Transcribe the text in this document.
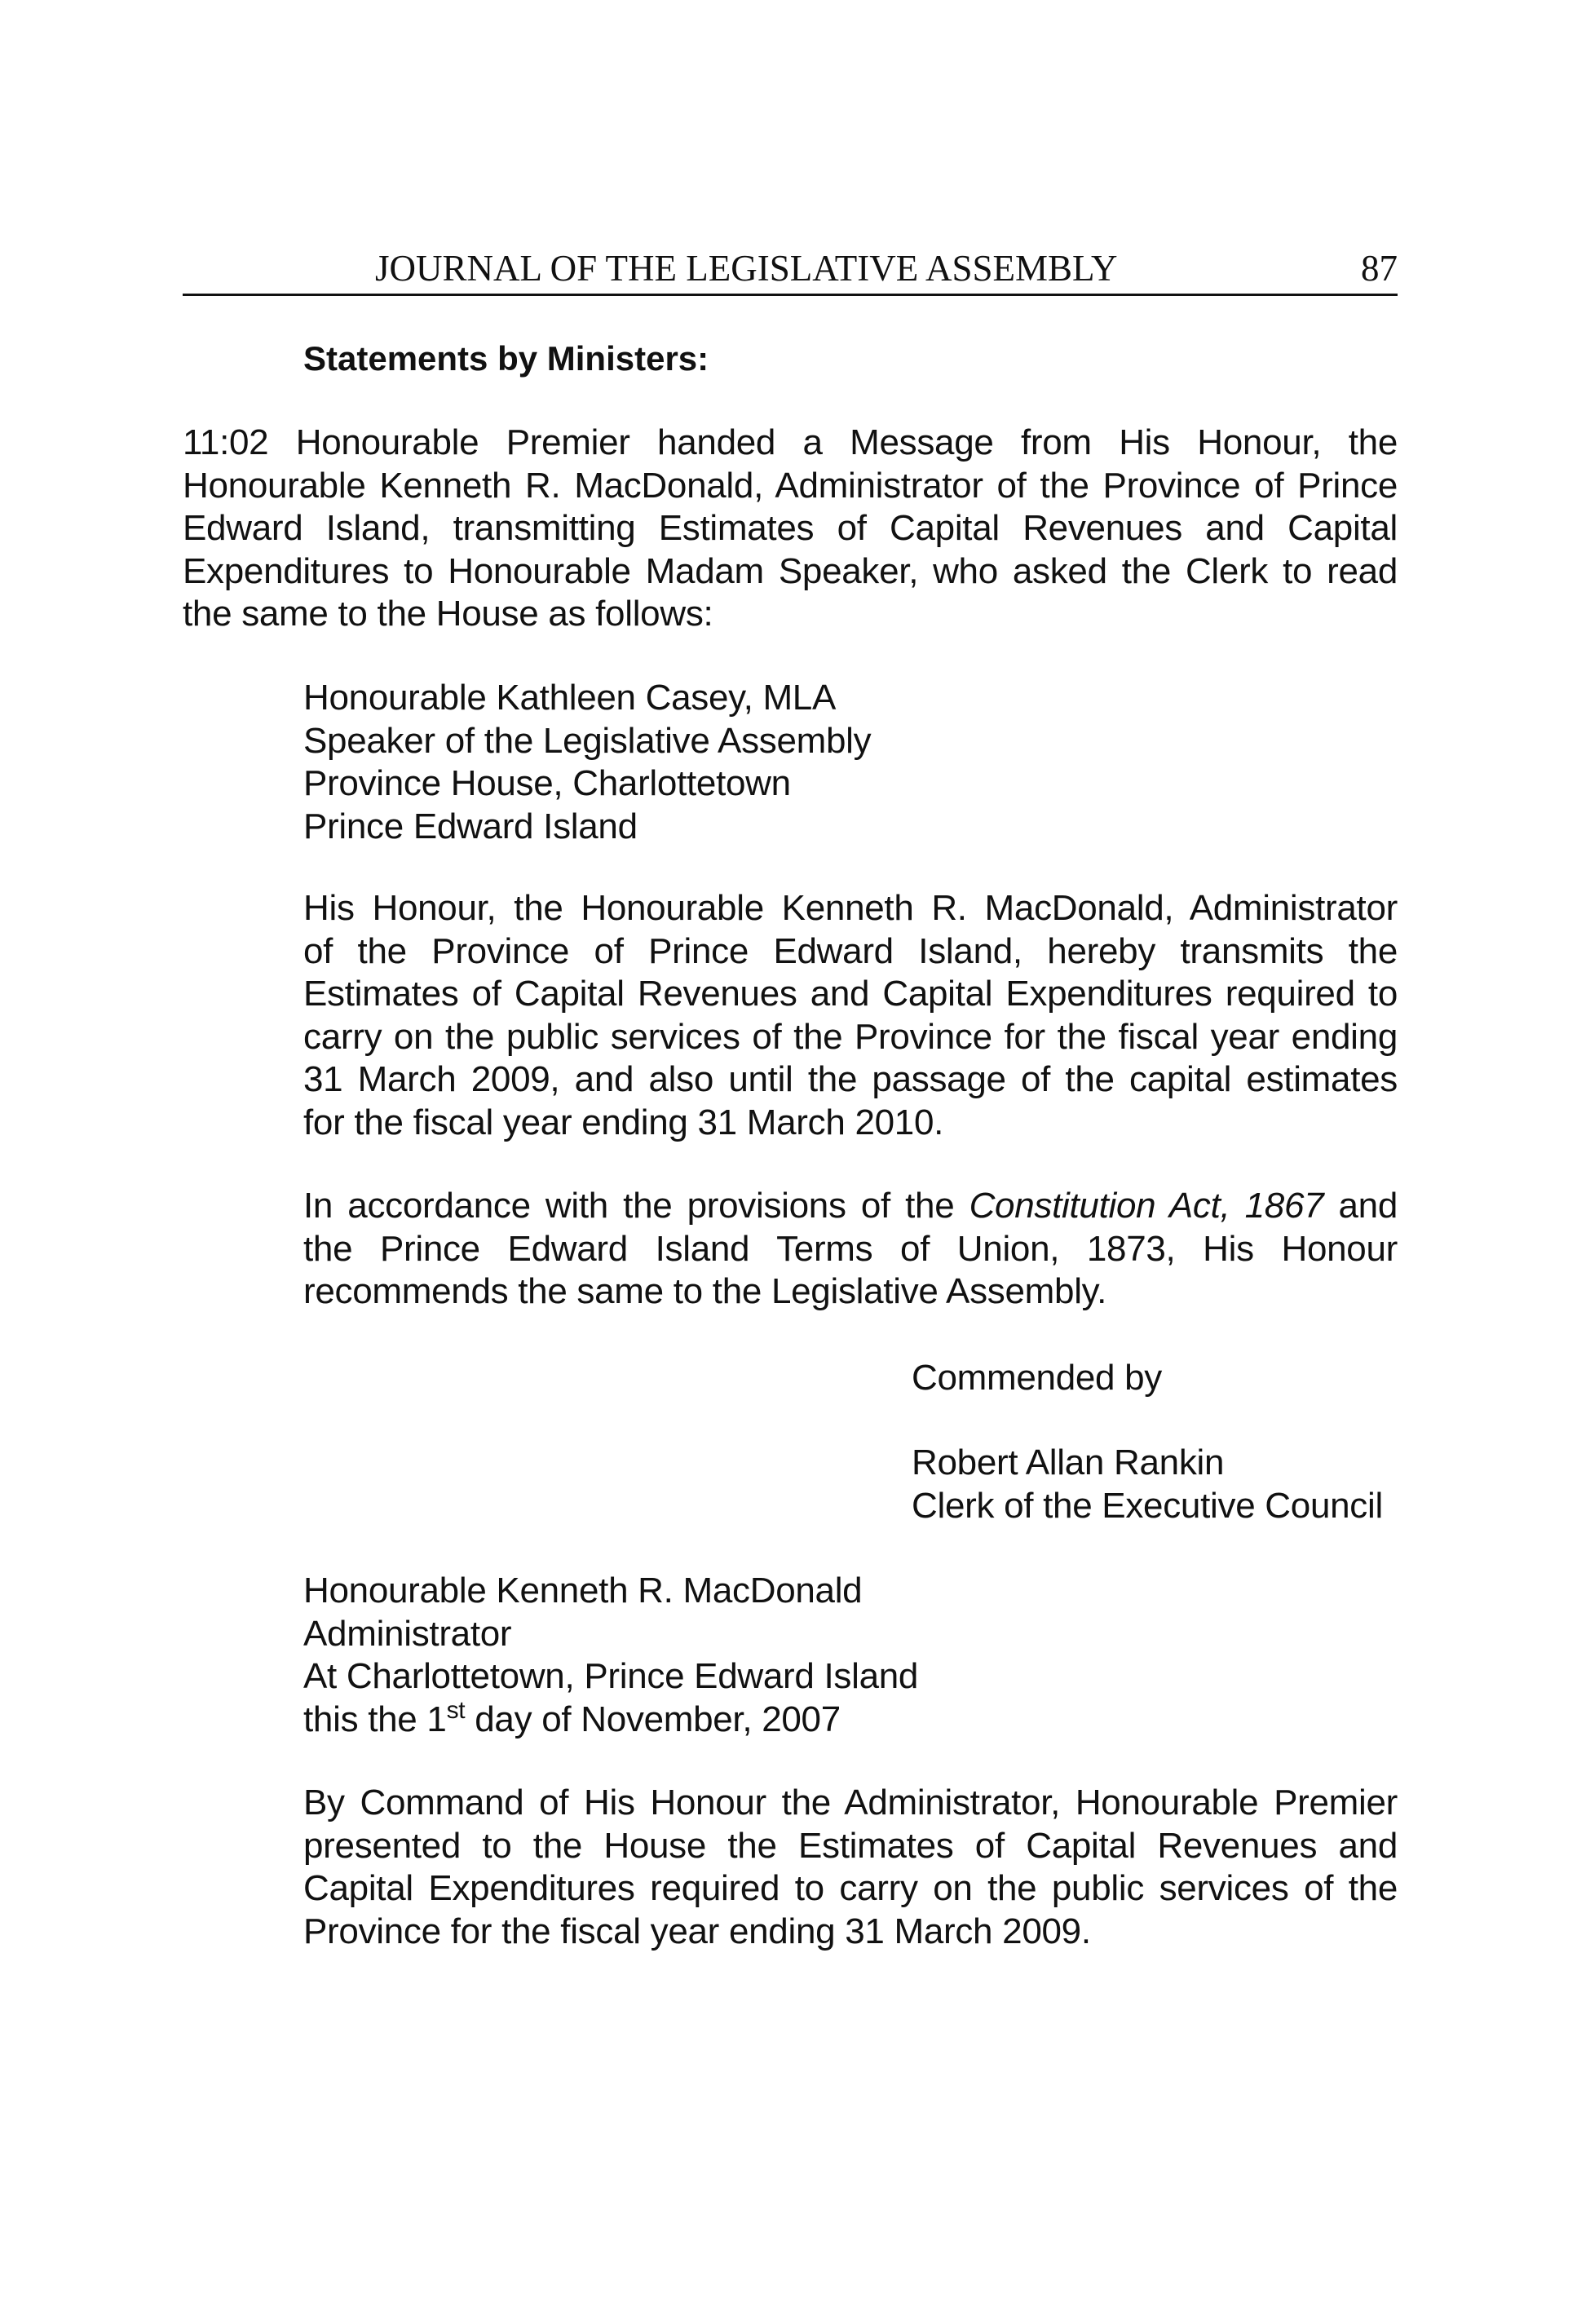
JOURNAL OF THE LEGISLATIVE ASSEMBLY	87
Statements by Ministers:
11:02 Honourable Premier handed a Message from His Honour, the
Honourable Kenneth R. MacDonald, Administrator of the Province of Prince
Edward Island, transmitting Estimates of Capital Revenues and Capital
Expenditures to Honourable Madam Speaker, who asked the Clerk to read
the same to the House as follows:
Honourable Kathleen Casey, MLA
Speaker of the Legislative Assembly
Province House, Charlottetown
Prince Edward Island
His Honour, the Honourable Kenneth R. MacDonald, Administrator
of the Province of Prince Edward Island, hereby transmits the
Estimates of Capital Revenues and Capital Expenditures required to
carry on the public services of the Province for the fiscal year ending
31 March 2009, and also until the passage of the capital estimates
for the fiscal year ending 31 March 2010.
In accordance with the provisions of the Constitution Act, 1867 and
the Prince Edward Island Terms of Union, 1873, His Honour
recommends the same to the Legislative Assembly.
Commended by
Robert Allan Rankin
Clerk of the Executive Council
Honourable Kenneth R. MacDonald
Administrator
At Charlottetown, Prince Edward Island
this the 1st day of November, 2007
By Command of His Honour the Administrator, Honourable Premier
presented to the House the Estimates of Capital Revenues and
Capital Expenditures required to carry on the public services of the
Province for the fiscal year ending 31 March 2009.
